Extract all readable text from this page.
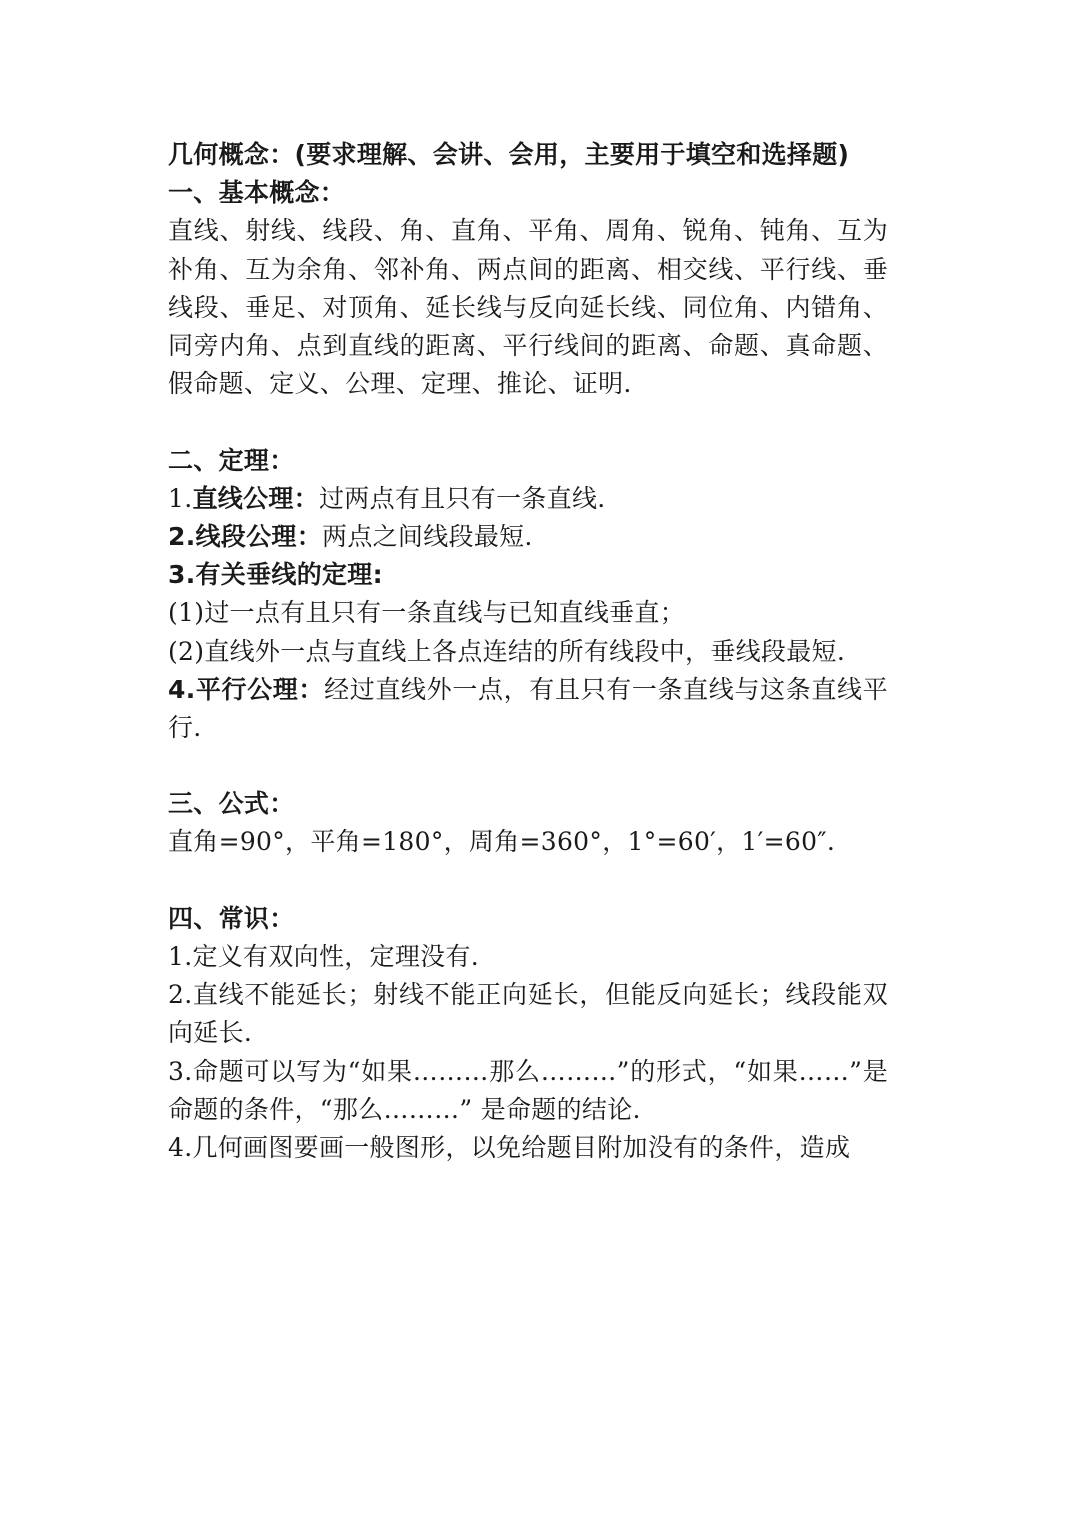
几何概念：(要求理解、会讲、会用，主要用于填空和选择题)
一、基本概念：
直线、射线、线段、角、直角、平角、周角、锐角、钝角、互为补角、互为余角、邻补角、两点间的距离、相交线、平行线、垂线段、垂足、对顶角、延长线与反向延长线、同位角、内错角、同旁内角、点到直线的距离、平行线间的距离、命题、真命题、假命题、定义、公理、定理、推论、证明.
二、定理：
1.直线公理：过两点有且只有一条直线.
2.线段公理：两点之间线段最短.
3.有关垂线的定理:
(1)过一点有且只有一条直线与已知直线垂直；
(2)直线外一点与直线上各点连结的所有线段中，垂线段最短.
4.平行公理：经过直线外一点，有且只有一条直线与这条直线平行.
三、公式：
直角=90°，平角=180°，周角=360°，1°=60′，1′=60″.
四、常识：
1.定义有双向性，定理没有.
2.直线不能延长；射线不能正向延长，但能反向延长；线段能双向延长.
3.命题可以写为“如果………那么………”的形式，“如果……”是命题的条件，“那么………” 是命题的结论.
4.几何画图要画一般图形，以免给题目附加没有的条件，造成
